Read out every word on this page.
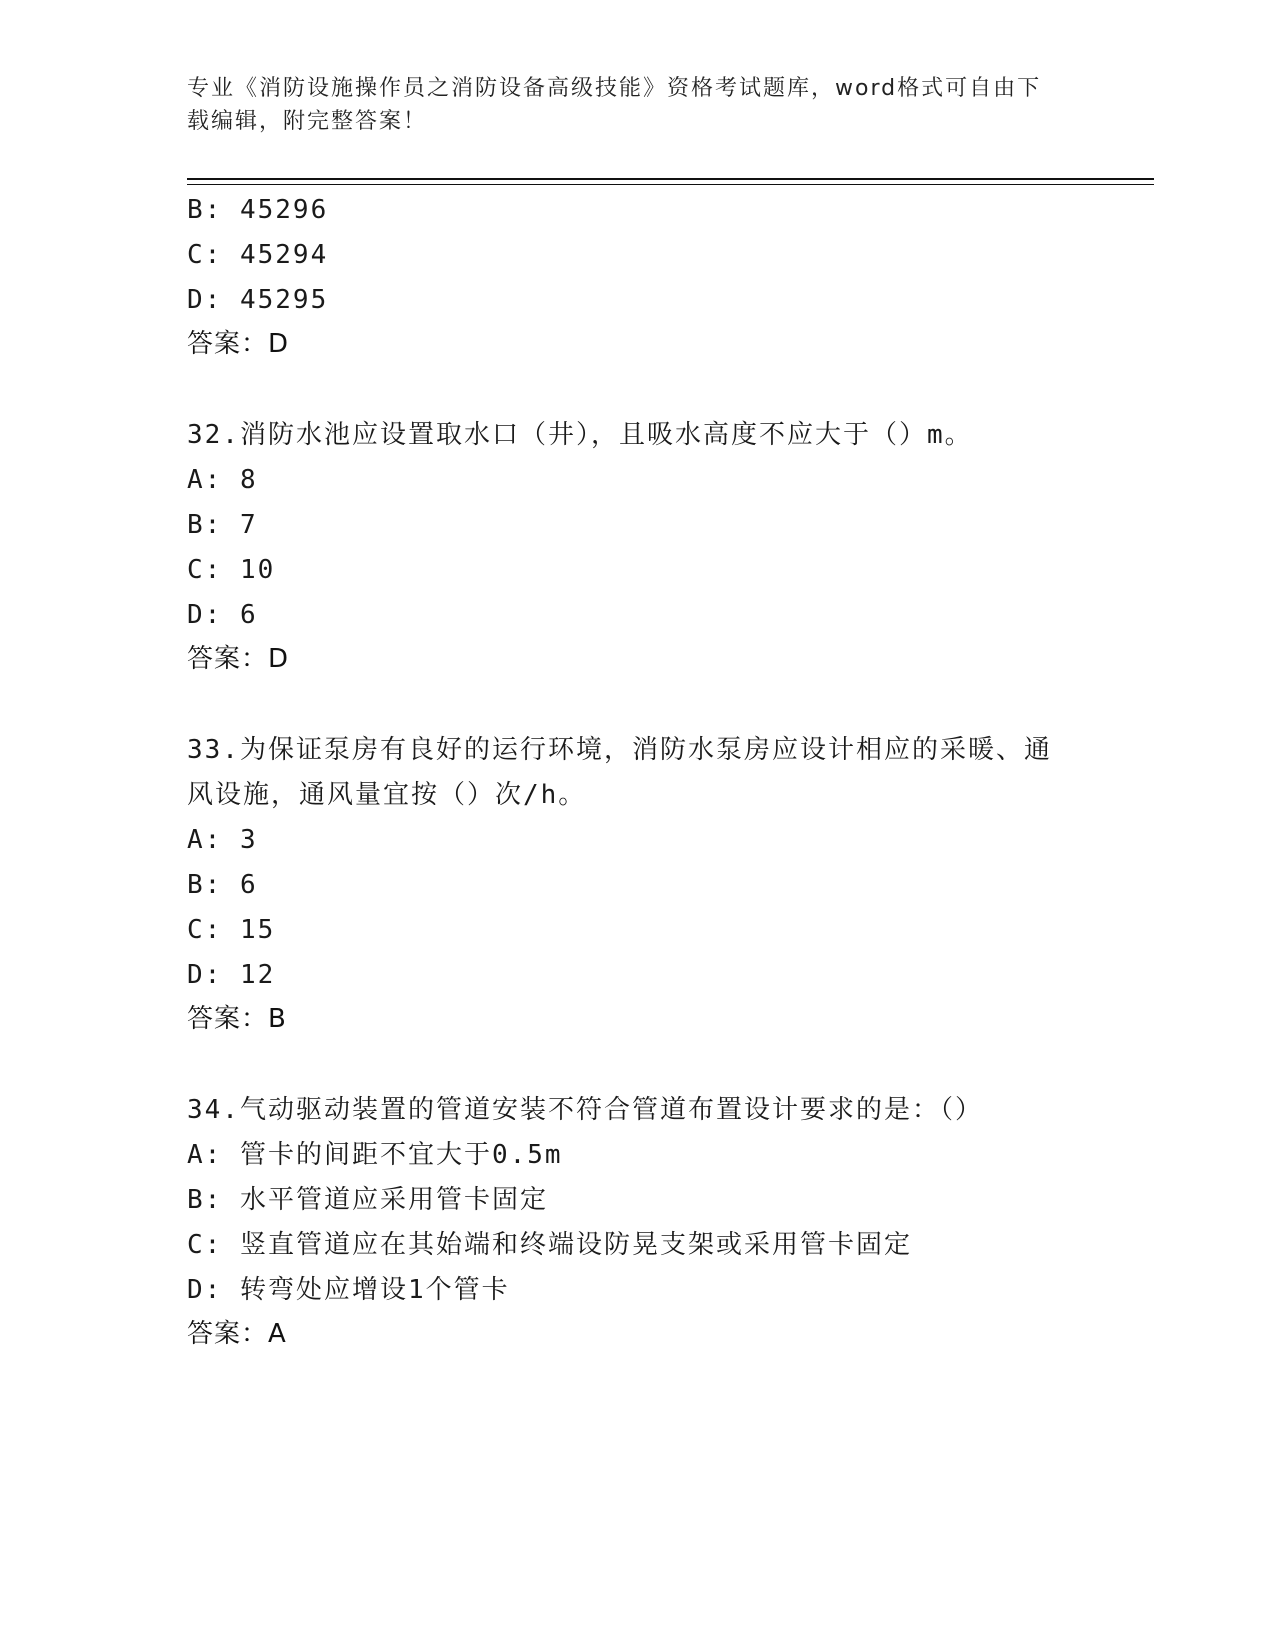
专业《消防设施操作员之消防设备高级技能》资格考试题库，word格式可自由下
载编辑，附完整答案！
B: 45296
C: 45294
D: 45295
答案：D
32.消防水池应设置取水口（井），且吸水高度不应大于（）m。
A: 8
B: 7
C: 10
D: 6
答案：D
33.为保证泵房有良好的运行环境，消防水泵房应设计相应的采暖、通
风设施，通风量宜按（）次/h。
A: 3
B: 6
C: 15
D: 12
答案：B
34.气动驱动装置的管道安装不符合管道布置设计要求的是：（）
A: 管卡的间距不宜大于0.5m
B: 水平管道应采用管卡固定
C: 竖直管道应在其始端和终端设防晃支架或采用管卡固定
D: 转弯处应增设1个管卡
答案：A
